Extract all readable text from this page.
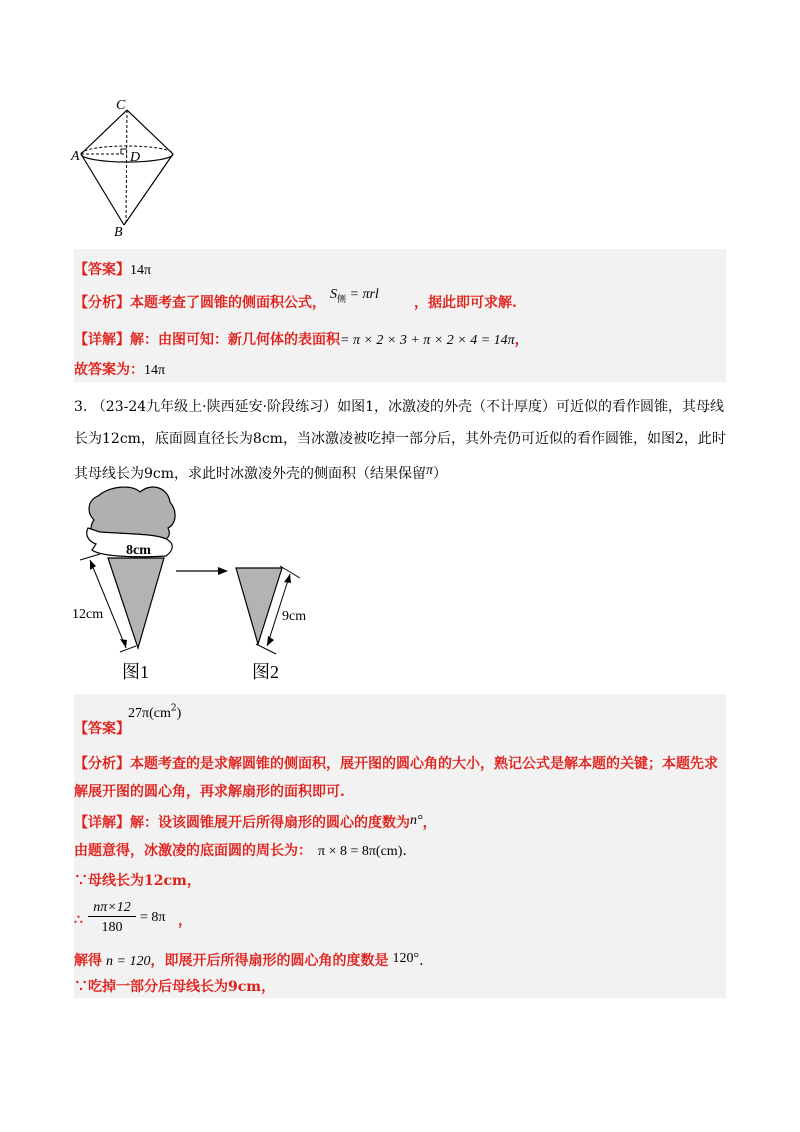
C
A	D
B
【答案】14π
【分析】本题考查了圆锥的侧面积公式，
$S_侧 = \pi rl$
，据此即可求解.
【详解】解：由图可知：新几何体的表面积= π × 2 × 3 + π × 2 × 4 = 14π，
故答案为：14π
3. （23-24九年级上·陕西延安·阶段练习）如图1，冰激凌的外壳（不计厚度）可近似的看作圆锥，其母线
长为12cm，底面圆直径长为8cm，当冰激凌被吃掉一部分后，其外壳仍可近似的看作圆锥，如图2，此时
其母线长为9cm，求此时冰激凌外壳的侧面积（结果保留π）
8cm
12cm	9cm
图1	图2
$27\pi(cm^2)$
【答案】
【分析】本题考查的是求解圆锥的侧面积，展开图的圆心角的大小，熟记公式是解本题的关键；本题先求
解展开图的圆心角，再求解扇形的面积即可.
【详解】解：设该圆锥展开后所得扇形的圆心的度数为n°，
由题意得，冰激凌的底面圆的周长为： π × 8 = 8π(cm).
∵母线长为12cm，
∴
nπ×12
180
= 8π ，
解得 n = 120，即展开后所得扇形的圆心角的度数是 120°.
∵吃掉一部分后母线长为9cm，
